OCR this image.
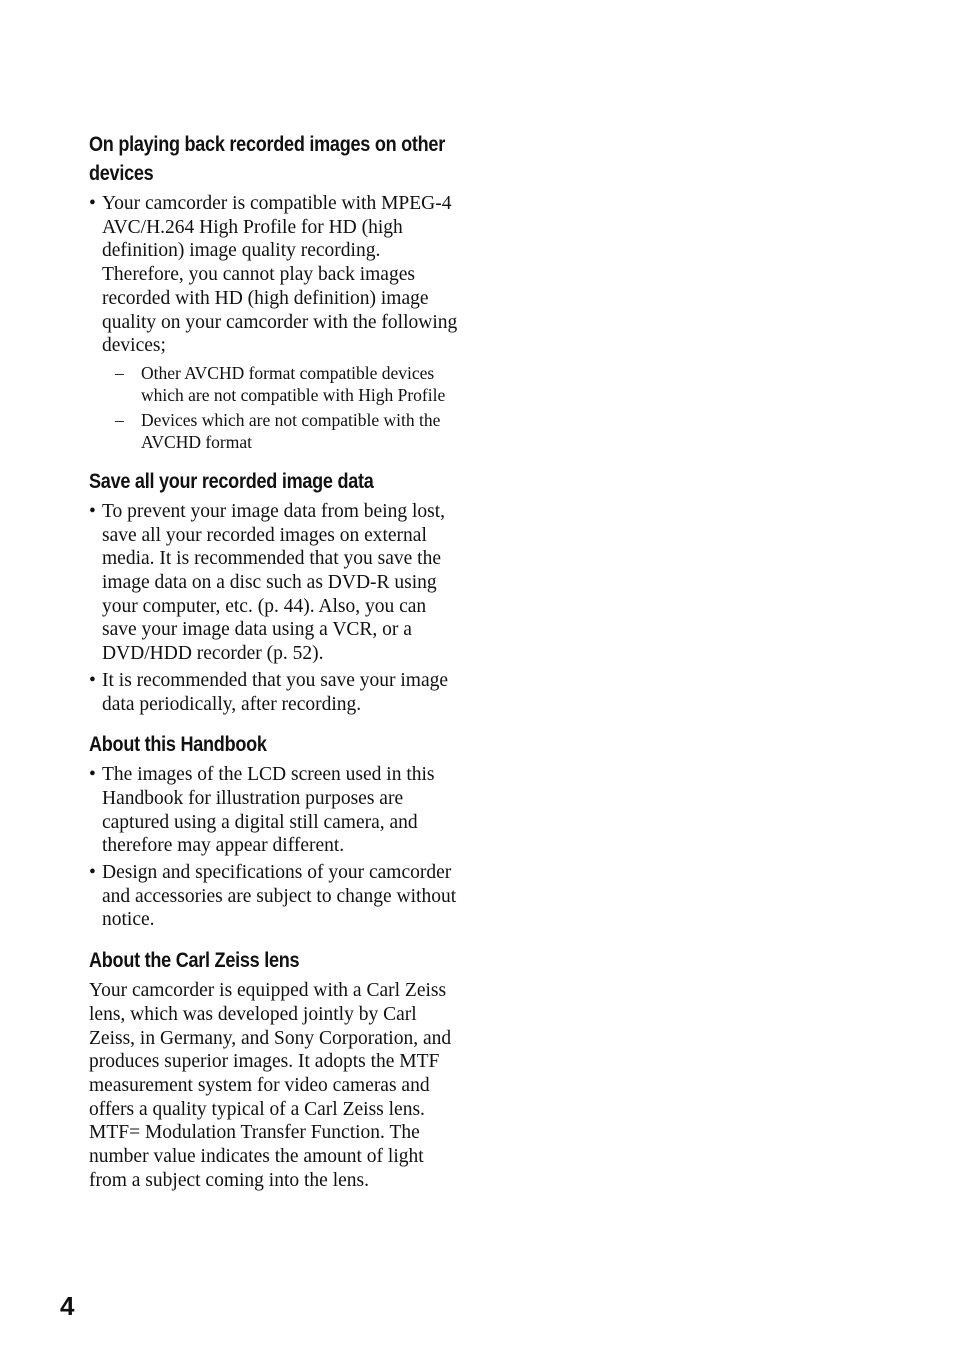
On playing back recorded images on other devices
• Your camcorder is compatible with MPEG-4 AVC/H.264 High Profile for HD (high definition) image quality recording. Therefore, you cannot play back images recorded with HD (high definition) image quality on your camcorder with the following devices;
– Other AVCHD format compatible devices which are not compatible with High Profile
– Devices which are not compatible with the AVCHD format
Save all your recorded image data
• To prevent your image data from being lost, save all your recorded images on external media. It is recommended that you save the image data on a disc such as DVD-R using your computer, etc. (p. 44). Also, you can save your image data using a VCR, or a DVD/HDD recorder (p. 52).
• It is recommended that you save your image data periodically, after recording.
About this Handbook
• The images of the LCD screen used in this Handbook for illustration purposes are captured using a digital still camera, and therefore may appear different.
• Design and specifications of your camcorder and accessories are subject to change without notice.
About the Carl Zeiss lens

Your camcorder is equipped with a Carl Zeiss lens, which was developed jointly by Carl Zeiss, in Germany, and Sony Corporation, and produces superior images. It adopts the MTF measurement system for video cameras and offers a quality typical of a Carl Zeiss lens.

MTF= Modulation Transfer Function. The number value indicates the amount of light from a subject coming into the lens.

4
